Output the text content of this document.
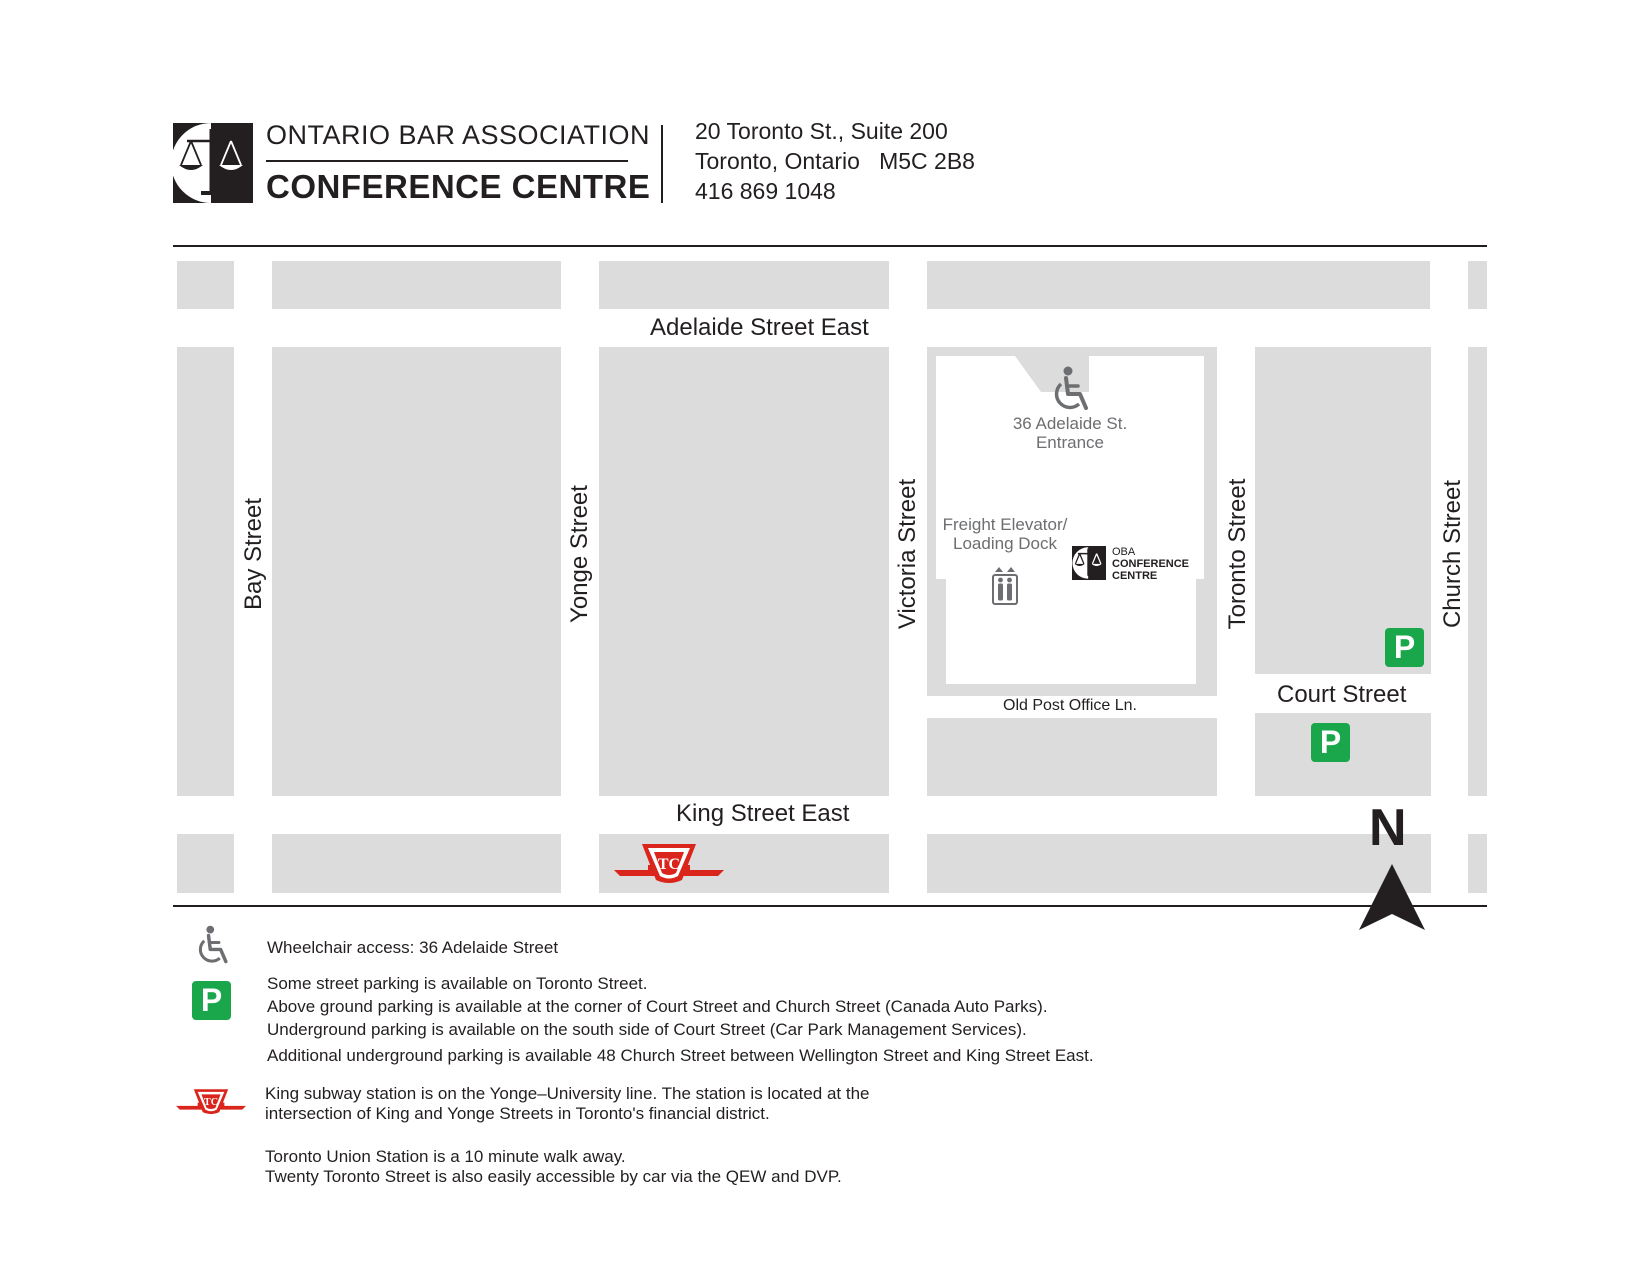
ONTARIO BAR ASSOCIATION
CONFERENCE CENTRE
20 Toronto St., Suite 200
Toronto, Ontario   M5C 2B8
416 869 1048
36 Adelaide St.
Entrance
Freight Elevator/
Loading Dock	OBA
CONFERENCE
CENTRE
Adelaide Street East
King Street East
Court Street
Old Post Office Ln.
Bay Street	Yonge Street	Victoria Street	Toronto Street	Church Street
P
P
TC
N
Wheelchair access: 36 Adelaide Street
P	Some street parking is available on Toronto Street.
Above ground parking is available at the corner of Court Street and Church Street (Canada Auto Parks).
Underground parking is available on the south side of Court Street (Car Park Management Services).
Additional underground parking is available 48 Church Street between Wellington Street and King Street East.
TC	King subway station is on the Yonge–University line. The station is located at the
intersection of King and Yonge Streets in Toronto's financial district.
Toronto Union Station is a 10 minute walk away.
Twenty Toronto Street is also easily accessible by car via the QEW and DVP.
